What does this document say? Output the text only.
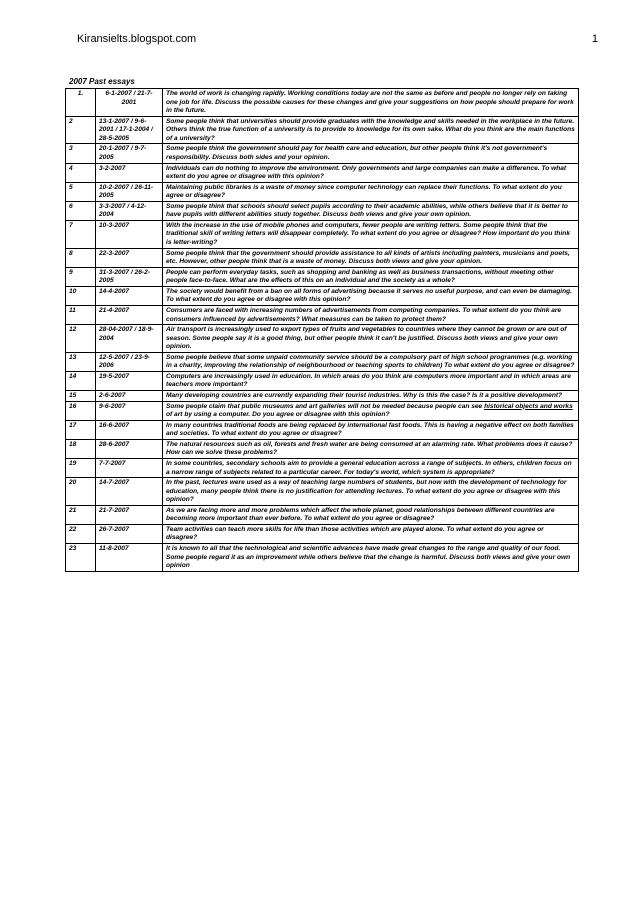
Kiransielts.blogspot.com	1
2007 Past essays
1.	6-1-2007 / 21-7-2001	The world of work is changing rapidly. Working conditions today are not the same as before and people no longer rely on taking one job for life. Discuss the possible causes for these changes and give your suggestions on how people should prepare for work in the future.
2	13-1-2007 / 9-6-2001 / 17-1-2004 / 28-5-2005	Some people think that universities should provide graduates with the knowledge and skills needed in the workplace in the future. Others think the true function of a university is to provide to knowledge for its own sake. What do you think are the main functions of a university?
3	20-1-2007 / 9-7-2005	Some people think the government should pay for health care and education, but other people think it's not government's responsibility. Discuss both sides and your opinion.
4	3-2-2007	Individuals can do nothing to improve the environment. Only governments and large companies can make a difference. To what extent do you agree or disagree with this opinion?
5	10-2-2007 / 26-11-2005	Maintaining public libraries is a waste of money since computer technology can replace their functions. To what extent do you agree or disagree?
6	3-3-2007 / 4-12-2004	Some people think that schools should select pupils according to their academic abilities, while others believe that it is better to have pupils with different abilities study together. Discuss both views and give your own opinion.
7	10-3-2007	With the increase in the use of mobile phones and computers, fewer people are writing letters. Some people think that the traditional skill of writing letters will disappear completely. To what extent do you agree or disagree? How important do you think is letter-writing?
8	22-3-2007	Some people think that the government should provide assistance to all kinds of artists including painters, musicians and poets, etc. However, other people think that is a waste of money. Discuss both views and give your opinion.
9	31-3-2007 / 26-2-2005	People can perform everyday tasks, such as shopping and banking as well as business transactions, without meeting other people face-to-face. What are the effects of this on an individual and the society as a whole?
10	14-4-2007	The society would benefit from a ban on all forms of advertising because it serves no useful purpose, and can even be damaging. To what extent do you agree or disagree with this opinion?
11	21-4-2007	Consumers are faced with increasing numbers of advertisements from competing companies. To what extent do you think are consumers influenced by advertisements? What measures can be taken to protect them?
12	28-04-2007 / 18-9-2004	Air transport is increasingly used to export types of fruits and vegetables to countries where they cannot be grown or are out of season. Some people say it is a good thing, but other people think it can't be justified. Discuss both views and give your own opinion.
13	12-5-2007 / 23-9-2006	Some people believe that some unpaid community service should be a compulsory part of high school programmes (e.g. working in a charity, improving the relationship of neighbourhood or teaching sports to children) To what extent do you agree or disagree?
14	19-5-2007	Computers are increasingly used in education. In which areas do you think are computers more important and in which areas are teachers more important?
15	2-6-2007	Many developing countries are currently expanding their tourist industries. Why is this the case? Is it a positive development?
16	9-6-2007	Some people claim that public museums and art galleries will not be needed because people can see historical objects and works of art by using a computer. Do you agree or disagree with this opinion?
17	16-6-2007	In many countries traditional foods are being replaced by international fast foods. This is having a negative effect on both families and societies. To what extent do you agree or disagree?
18	28-6-2007	The natural resources such as oil, forests and fresh water are being consumed at an alarming rate. What problems does it cause? How can we solve these problems?
19	7-7-2007	In some countries, secondary schools aim to provide a general education across a range of subjects. In others, children focus on a narrow range of subjects related to a particular career. For today's world, which system is appropriate?
20	14-7-2007	In the past, lectures were used as a way of teaching large numbers of students, but now with the development of technology for education, many people think there is no justification for attending lectures. To what extent do you agree or disagree with this opinion?
21	21-7-2007	As we are facing more and more problems which affect the whole planet, good relationships between different countries are becoming more important than ever before. To what extent do you agree or disagree?
22	26-7-2007	Team activities can teach more skills for life than those activities which are played alone. To what extent do you agree or disagree?
23	11-8-2007	It is known to all that the technological and scientific advances have made great changes to the range and quality of our food. Some people regard it as an improvement while others believe that the change is harmful. Discuss both views and give your own opinion
